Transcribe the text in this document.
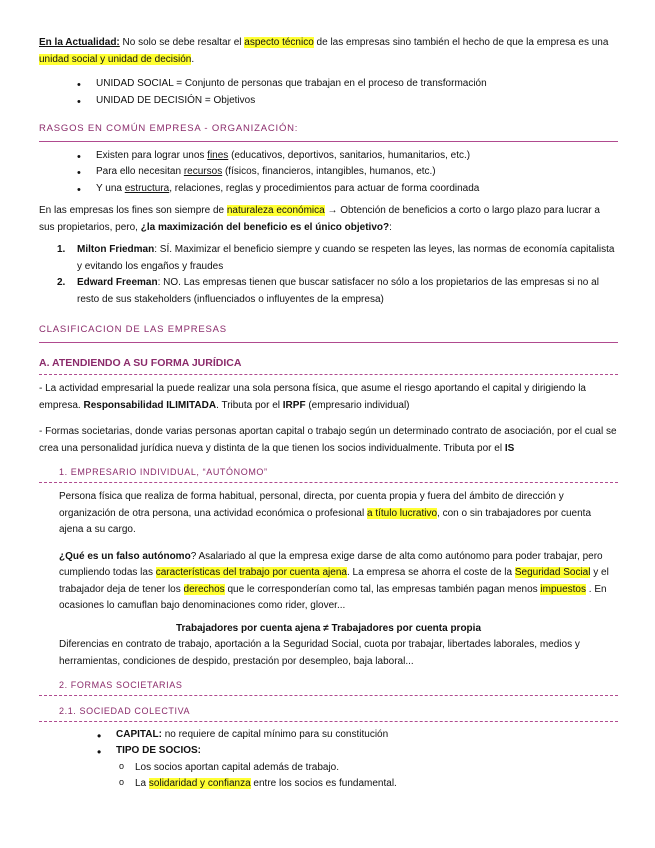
En la Actualidad: No solo se debe resaltar el aspecto técnico de las empresas sino también el hecho de que la empresa es una unidad social y unidad de decisión.

• UNIDAD SOCIAL = Conjunto de personas que trabajan en el proceso de transformación
• UNIDAD DE DECISIÓN = Objetivos
RASGOS EN COMÚN EMPRESA - ORGANIZACIÓN:
• Existen para lograr unos fines (educativos, deportivos, sanitarios, humanitarios, etc.)
• Para ello necesitan recursos (físicos, financieros, intangibles, humanos, etc.)
• Y una estructura, relaciones, reglas y procedimientos para actuar de forma coordinada

En las empresas los fines son siempre de naturaleza económica → Obtención de beneficios a corto o largo plazo para lucrar a sus propietarios, pero, ¿la maximización del beneficio es el único objetivo?:

1. Milton Friedman: SÍ. Maximizar el beneficio siempre y cuando se respeten las leyes, las normas de economía capitalista y evitando los engaños y fraudes
2. Edward Freeman: NO. Las empresas tienen que buscar satisfacer no sólo a los propietarios de las empresas si no al resto de sus stakeholders (influenciados o influyentes de la empresa)
CLASIFICACION DE LAS EMPRESAS
A. ATENDIENDO A SU FORMA JURÍDICA

- La actividad empresarial la puede realizar una sola persona física, que asume el riesgo aportando el capital y dirigiendo la empresa. Responsabilidad ILIMITADA. Tributa por el IRPF (empresario individual)

- Formas societarias, donde varias personas aportan capital o trabajo según un determinado contrato de asociación, por el cual se crea una personalidad jurídica nueva y distinta de la que tienen los socios individualmente. Tributa por el IS

1. EMPRESARIO INDIVIDUAL, “AUTÓNOMO”

Persona física que realiza de forma habitual, personal, directa, por cuenta propia y fuera del ámbito de dirección y organización de otra persona, una actividad económica o profesional a título lucrativo, con o sin trabajadores por cuenta ajena a su cargo.

¿Qué es un falso autónomo? Asalariado al que la empresa exige darse de alta como autónomo para poder trabajar, pero cumpliendo todas las características del trabajo por cuenta ajena. La empresa se ahorra el coste de la Seguridad Social y el trabajador deja de tener los derechos que le corresponderían como tal, las empresas también pagan menos impuestos . En ocasiones lo camuflan bajo denominaciones como rider, glover...

Trabajadores por cuenta ajena ≠ Trabajadores por cuenta propia

Diferencias en contrato de trabajo, aportación a la Seguridad Social, cuota por trabajar, libertades laborales, medios y herramientas, condiciones de despido, prestación por desempleo, baja laboral...

2. FORMAS SOCIETARIAS
2.1. SOCIEDAD COLECTIVA
• CAPITAL: no requiere de capital mínimo para su constitución
• TIPO DE SOCIOS:
o Los socios aportan capital además de trabajo.
o La solidaridad y confianza entre los socios es fundamental.
